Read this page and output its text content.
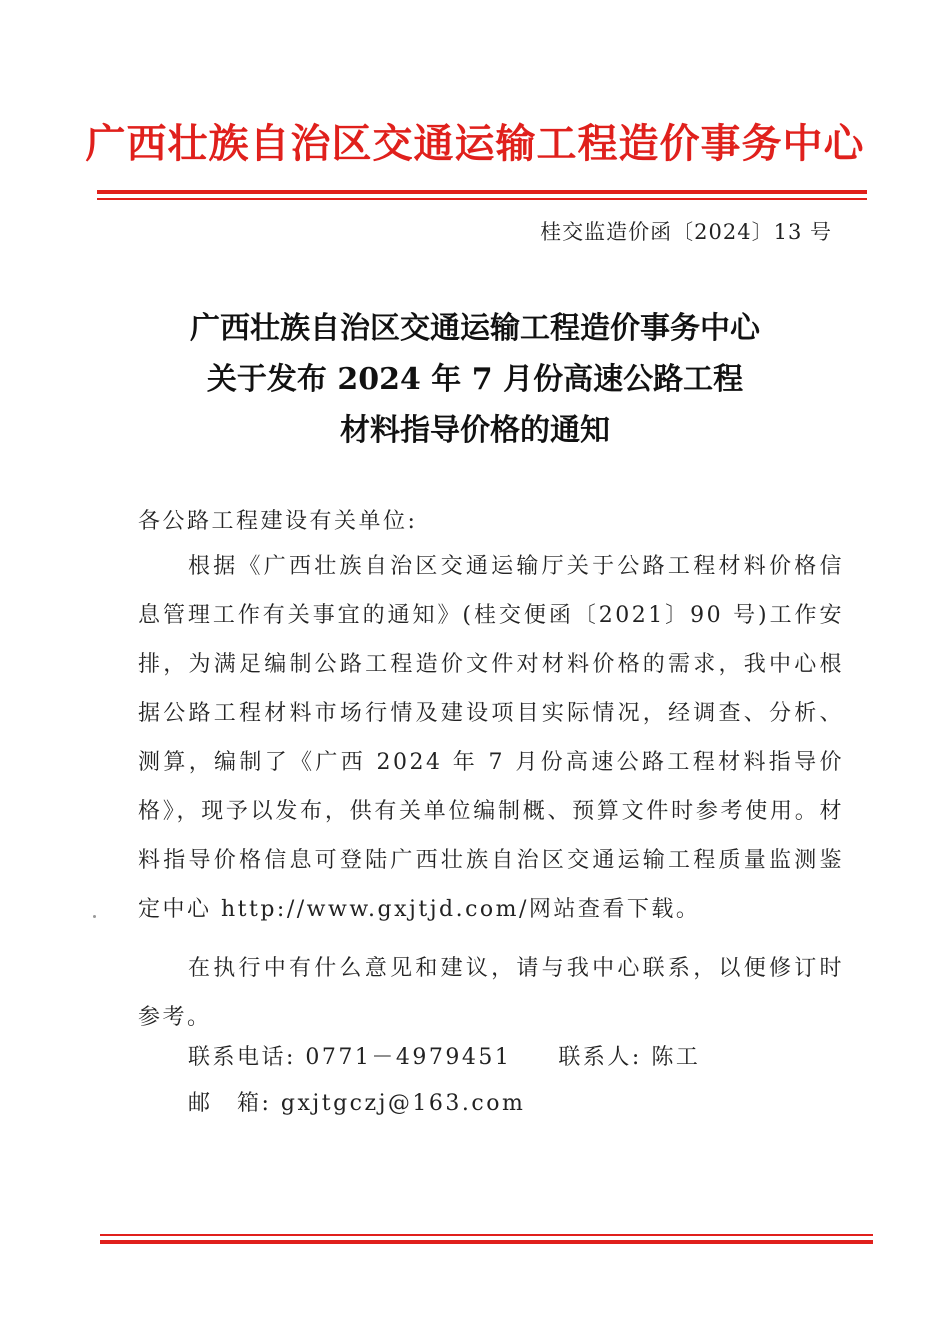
广西壮族自治区交通运输工程造价事务中心
桂交监造价函〔2024〕13 号
广西壮族自治区交通运输工程造价事务中心
关于发布 2024 年 7 月份高速公路工程
材料指导价格的通知
各公路工程建设有关单位:
根据《广西壮族自治区交通运输厅关于公路工程材料价格信息管理工作有关事宜的通知》(桂交便函〔2021〕90 号)工作安排，为满足编制公路工程造价文件对材料价格的需求，我中心根据公路工程材料市场行情及建设项目实际情况，经调查、分析、测算，编制了《广西 2024 年 7 月份高速公路工程材料指导价格》，现予以发布，供有关单位编制概、预算文件时参考使用。材料指导价格信息可登陆广西壮族自治区交通运输工程质量监测鉴定中心 http://www.gxjtjd.com/网站查看下载。
在执行中有什么意见和建议，请与我中心联系，以便修订时参考。
联系电话: 0771－4979451 联系人: 陈工
邮　箱: gxjtgczj@163.com
